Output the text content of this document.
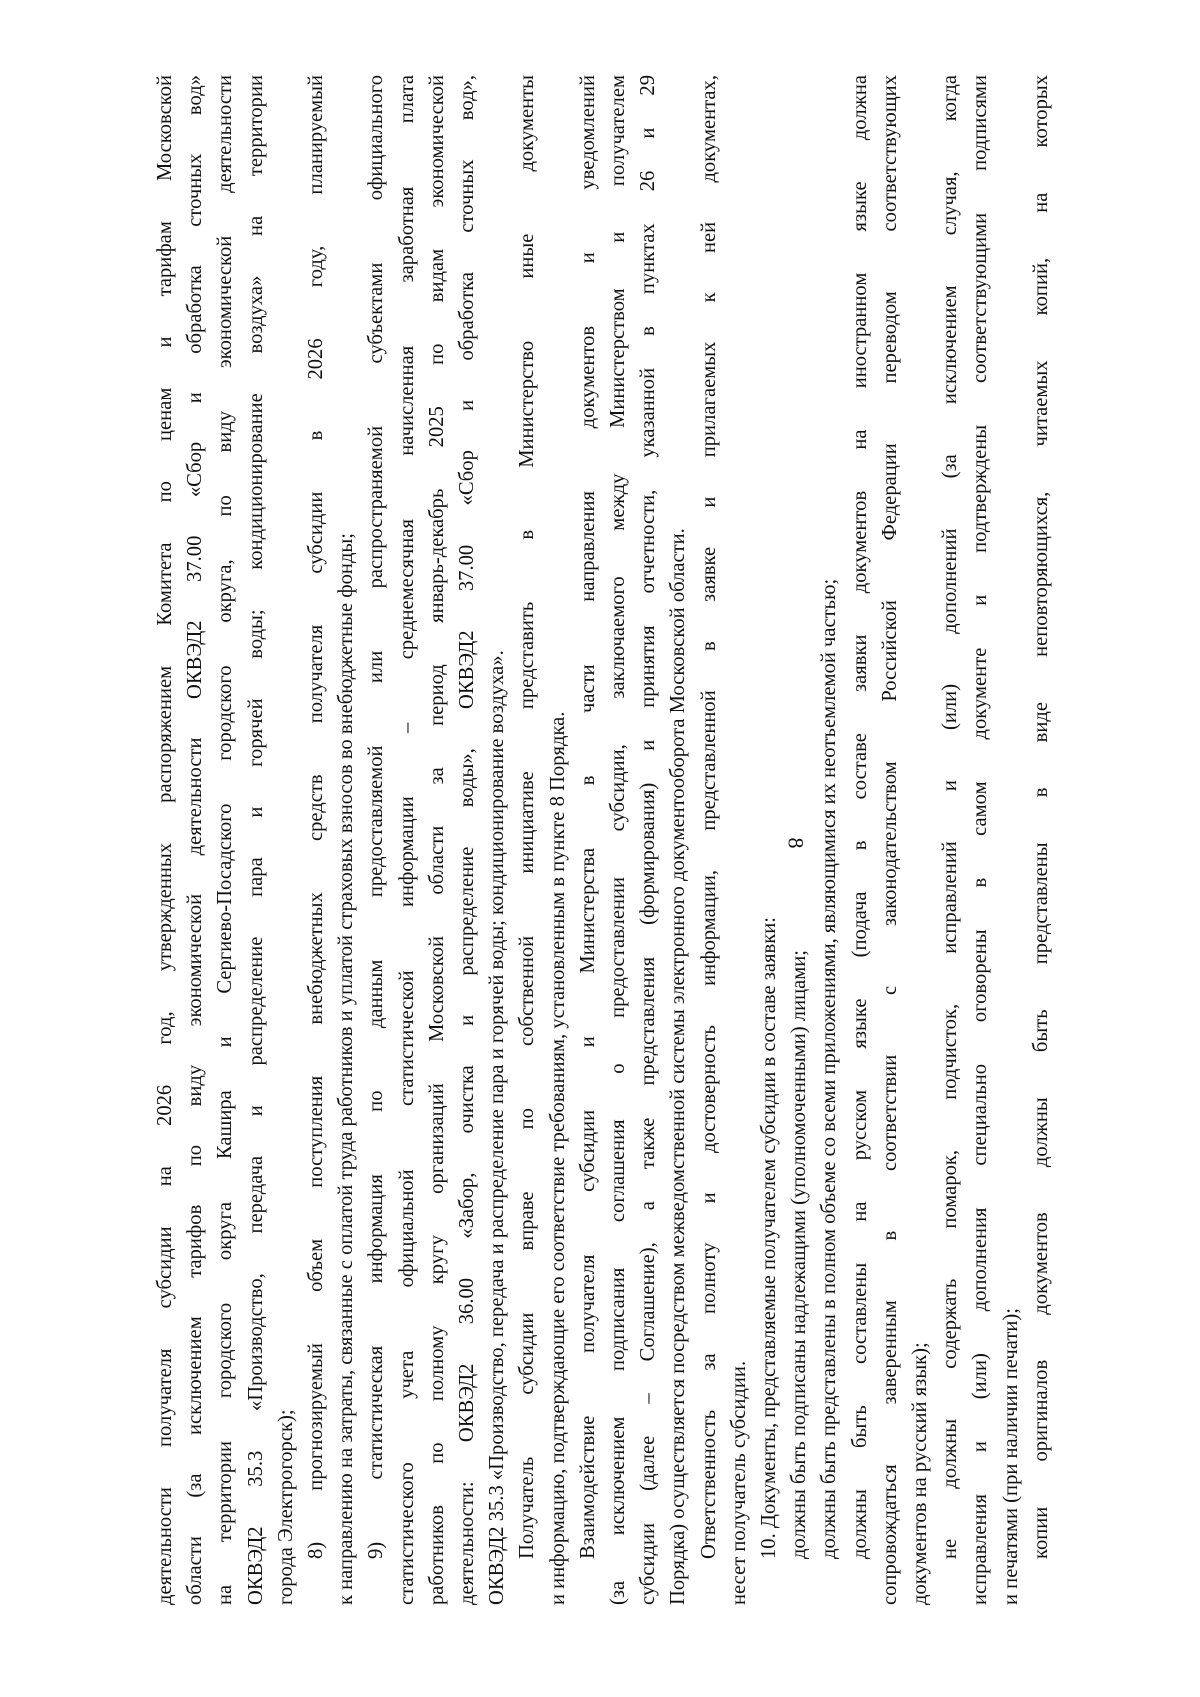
8
деятельности получателя субсидии на 2026 год, утвержденных распоряжением Комитета по ценам и тарифам Московской области (за исключением тарифов по виду экономической деятельности ОКВЭД2 37.00 «Сбор и обработка сточных вод» на территории городского округа Кашира и Сергиево-Посадского городского округа, по виду экономической деятельности ОКВЭД2 35.3 «Производство, передача и распределение пара и горячей воды; кондиционирование воздуха» на территории города Электрогорск); 8) прогнозируемый объем поступления внебюджетных средств получателя субсидии в 2026 году, планируемый к направлению на затраты, связанные с оплатой труда работников и уплатой страховых взносов во внебюджетные фонды; 9) статистическая информация по данным предоставляемой или распространяемой субъектами официального статистического учета официальной статистической информации – среднемесячная начисленная заработная плата работников по полному кругу организаций Московской области за период январь-декабрь 2025 по видам экономической деятельности: ОКВЭД2 36.00 «Забор, очистка и распределение воды», ОКВЭД2 37.00 «Сбор и обработка сточных вод», ОКВЭД2 35.3 «Производство, передача и распределение пара и горячей воды; кондиционирование воздуха». Получатель субсидии вправе по собственной инициативе представить в Министерство иные документы и информацию, подтверждающие его соответствие требованиям, установленным в пункте 8 Порядка. Взаимодействие получателя субсидии и Министерства в части направления документов и уведомлений (за исключением подписания соглашения о предоставлении субсидии, заключаемого между Министерством и получателем субсидии (далее – Соглашение), а также представления (формирования) и принятия отчетности, указанной в пунктах 26 и 29 Порядка) осуществляется посредством межведомственной системы электронного документооборота Московской области. Ответственность за полноту и достоверность информации, представленной в заявке и прилагаемых к ней документах, несет получатель субсидии. 10. Документы, представляемые получателем субсидии в составе заявки: должны быть подписаны надлежащими (уполномоченными) лицами; должны быть представлены в полном объеме со всеми приложениями, являющимися их неотъемлемой частью; должны быть составлены на русском языке (подача в составе заявки документов на иностранном языке должна сопровождаться заверенным в соответствии с законодательством Российской Федерации переводом соответствующих документов на русский язык); не должны содержать помарок, подчисток, исправлений и (или) дополнений (за исключением случая, когда исправления и (или) дополнения специально оговорены в самом документе и подтверждены соответствующими подписями и печатями (при наличии печати); копии оригиналов документов должны быть представлены в виде неповторяющихся, читаемых копий, на которых
